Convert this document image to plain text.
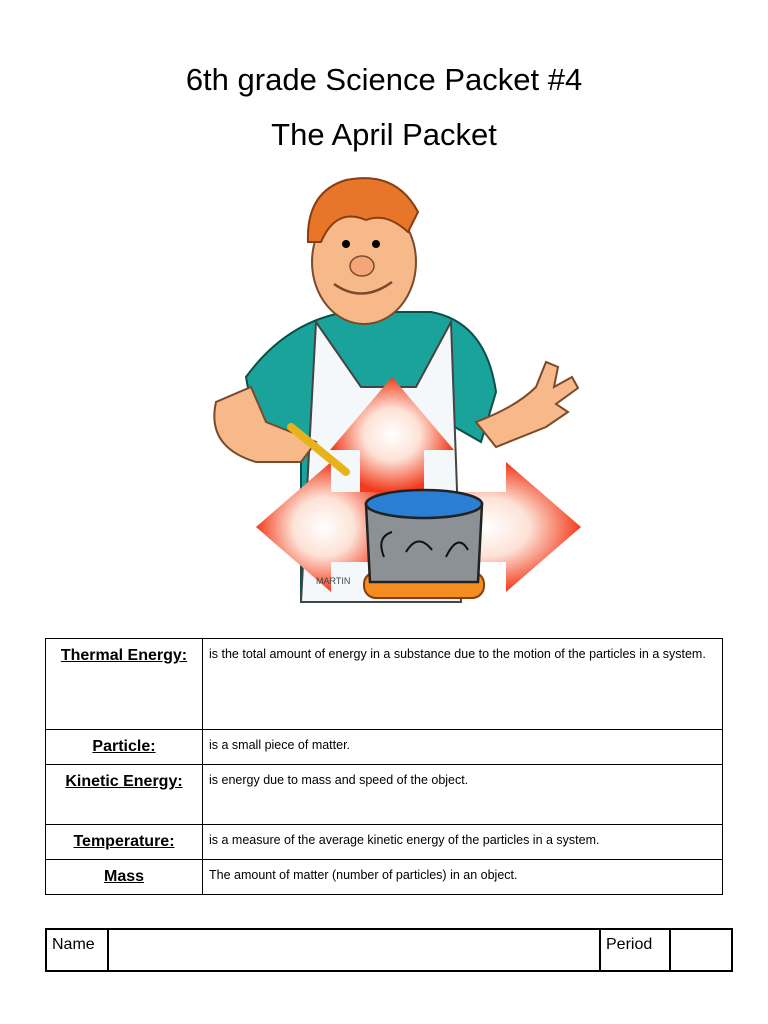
6th grade Science Packet #4
The April Packet
MARTIN
Thermal Energy:	is the total amount of energy in a substance due to the motion of the particles in a system.
Particle:	is a small piece of matter.
Kinetic Energy:	is energy due to mass and speed of the object.
Temperature:	is a measure of the average kinetic energy of the particles in a system.
Mass	The amount of matter (number of particles) in an object.
Name		Period	
